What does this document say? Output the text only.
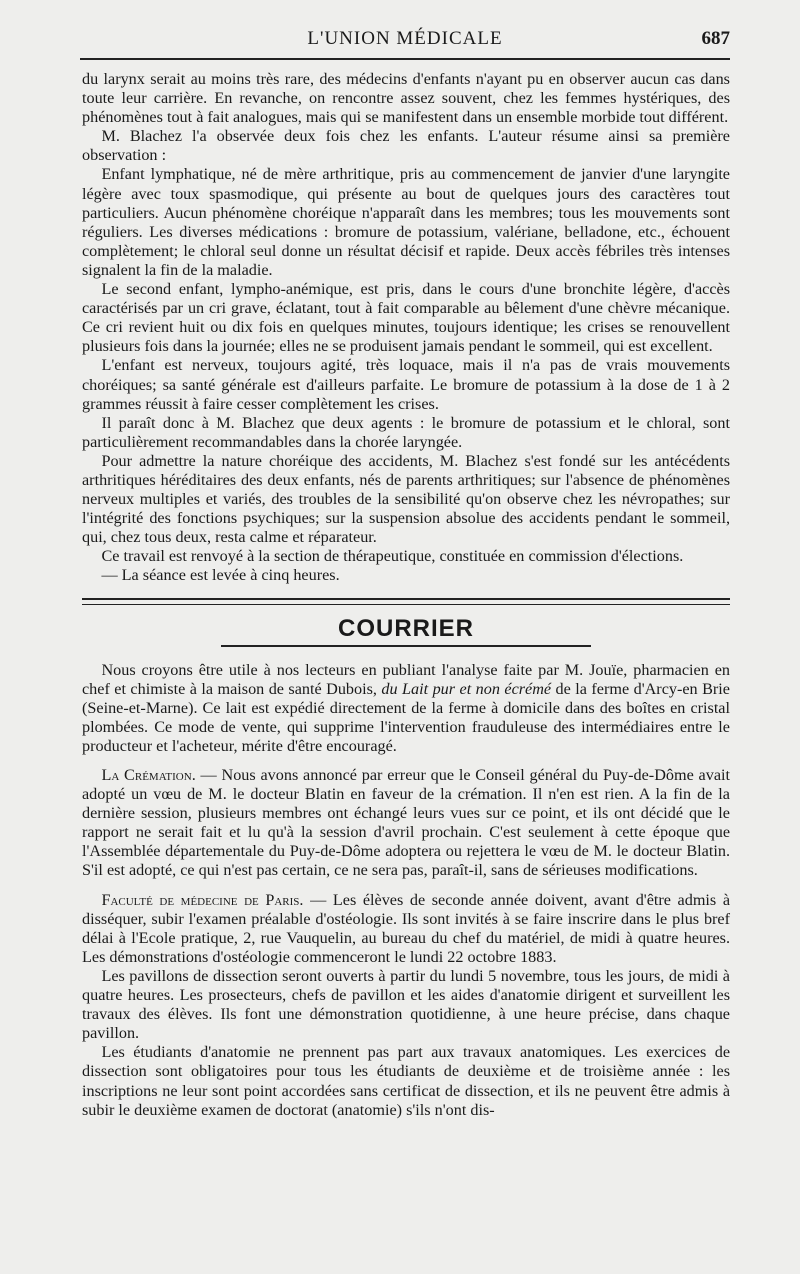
L'UNION MÉDICALE	687

du larynx serait au moins très rare, des médecins d'enfants n'ayant pu en observer aucun cas dans toute leur carrière. En revanche, on rencontre assez souvent, chez les femmes hystériques, des phénomènes tout à fait analogues, mais qui se manifestent dans un ensemble morbide tout différent.

M. Blachez l'a observée deux fois chez les enfants. L'auteur résume ainsi sa première observation :

Enfant lymphatique, né de mère arthritique, pris au commencement de janvier d'une laryngite légère avec toux spasmodique, qui présente au bout de quelques jours des caractères tout particuliers. Aucun phénomène choréique n'apparaît dans les membres; tous les mouvements sont réguliers. Les diverses médications : bromure de potassium, valériane, belladone, etc., échouent complètement; le chloral seul donne un résultat décisif et rapide. Deux accès fébriles très intenses signalent la fin de la maladie.

Le second enfant, lympho-anémique, est pris, dans le cours d'une bronchite légère, d'accès caractérisés par un cri grave, éclatant, tout à fait comparable au bêlement d'une chèvre mécanique. Ce cri revient huit ou dix fois en quelques minutes, toujours identique; les crises se renouvellent plusieurs fois dans la journée; elles ne se produisent jamais pendant le sommeil, qui est excellent.

L'enfant est nerveux, toujours agité, très loquace, mais il n'a pas de vrais mouvements choréiques; sa santé générale est d'ailleurs parfaite. Le bromure de potassium à la dose de 1 à 2 grammes réussit à faire cesser complètement les crises.

Il paraît donc à M. Blachez que deux agents : le bromure de potassium et le chloral, sont particulièrement recommandables dans la chorée laryngée.

Pour admettre la nature choréique des accidents, M. Blachez s'est fondé sur les antécédents arthritiques héréditaires des deux enfants, nés de parents arthritiques; sur l'absence de phénomènes nerveux multiples et variés, des troubles de la sensibilité qu'on observe chez les névropathes; sur l'intégrité des fonctions psychiques; sur la suspension absolue des accidents pendant le sommeil, qui, chez tous deux, resta calme et réparateur.

Ce travail est renvoyé à la section de thérapeutique, constituée en commission d'élections.

— La séance est levée à cinq heures.

COURRIER

Nous croyons être utile à nos lecteurs en publiant l'analyse faite par M. Jouïe, pharmacien en chef et chimiste à la maison de santé Dubois, du Lait pur et non écrémé de la ferme d'Arcy-en Brie (Seine-et-Marne). Ce lait est expédié directement de la ferme à domicile dans des boîtes en cristal plombées. Ce mode de vente, qui supprime l'intervention frauduleuse des intermédiaires entre le producteur et l'acheteur, mérite d'être encouragé.

La Crémation. — Nous avons annoncé par erreur que le Conseil général du Puy-de-Dôme avait adopté un vœu de M. le docteur Blatin en faveur de la crémation. Il n'en est rien. A la fin de la dernière session, plusieurs membres ont échangé leurs vues sur ce point, et ils ont décidé que le rapport ne serait fait et lu qu'à la session d'avril prochain. C'est seulement à cette époque que l'Assemblée départementale du Puy-de-Dôme adoptera ou rejettera le vœu de M. le docteur Blatin. S'il est adopté, ce qui n'est pas certain, ce ne sera pas, paraît-il, sans de sérieuses modifications.

Faculté de médecine de Paris. — Les élèves de seconde année doivent, avant d'être admis à disséquer, subir l'examen préalable d'ostéologie. Ils sont invités à se faire inscrire dans le plus bref délai à l'Ecole pratique, 2, rue Vauquelin, au bureau du chef du matériel, de midi à quatre heures. Les démonstrations d'ostéologie commenceront le lundi 22 octobre 1883.

Les pavillons de dissection seront ouverts à partir du lundi 5 novembre, tous les jours, de midi à quatre heures. Les prosecteurs, chefs de pavillon et les aides d'anatomie dirigent et surveillent les travaux des élèves. Ils font une démonstration quotidienne, à une heure précise, dans chaque pavillon.

Les étudiants d'anatomie ne prennent pas part aux travaux anatomiques. Les exercices de dissection sont obligatoires pour tous les étudiants de deuxième et de troisième année : les inscriptions ne leur sont point accordées sans certificat de dissection, et ils ne peuvent être admis à subir le deuxième examen de doctorat (anatomie) s'ils n'ont dis-
